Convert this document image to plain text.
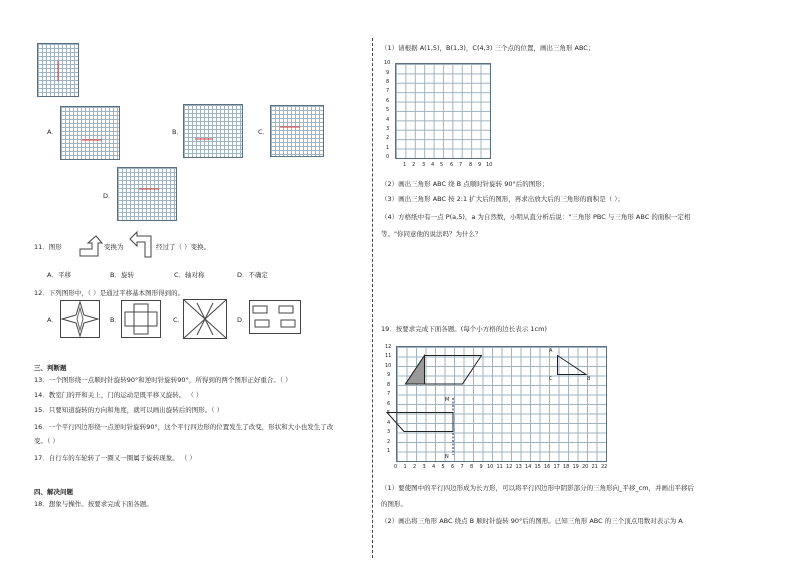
A．	B．	C．
D．
11．图形	变换为	经过了（ ）变换。
A．平移	B．旋转	C．轴对称	D．不确定
12．下列图形中，（ ）是通过平移基本图形得到的。
A．	B．	C．	D．
三、判断题
13．一个图形绕一点顺时针旋转90°和逆时针旋转90°，所得到的两个图形正好重合。（ ）
14．教室门的开和关上，门的运动是既平移又旋转。 （ ）
15．只要知道旋转的方向和角度，就可以画出旋转后的图形。（ ）
16．一个平行四边形绕一点逆时针旋转90°，这个平行四边形的位置发生了改变，形状和大小也发生了改
变。（ ）
17．自行车的车轮转了一圈又一圈属于旋转现象。 （ ）
四、解决问题
18．想象与操作。按要求完成下面各题。
（1）请根据 A(1,5)，B(1,3)，C(4,3) 三个点的位置，画出三角形 ABC；
10
9
8
7
6
5
4
3
2
1
0
1 2 3 4 5 6 7 8 9 10
（2）画出三角形 ABC 绕 B 点顺时针旋转 90°后的图形；
（3）画出三角形 ABC 按 2:1 扩大后的图形，再求出放大后的三角形的面积是（ ）；
（4）方格纸中有一点 P(a,5)，a 为自然数，小明从直分析后说："三角形 PBC 与三角形 ABC 的面积一定相
等。"你同意他的说法吗？为什么？
19．按要求完成下面各题。(每个小方格的边长表示 1cm)
12
11
10
9
8
7
6
5
4
3
2
1
0 1 2 3 4 5 6 7 8 9 10 11 12 13 14 15 16 17 18 19 20 21 22
A
C	B
M
N
（1）要使图中的平行四边形成为长方形，可以将平行四边形中阴影部分的三角形向_平移_cm，并画出平移后
的图形。
（2）画出将三角形 ABC 绕点 B 顺时针旋转 90°后的图形。已知三角形 ABC 的三个顶点用数对表示为 A
